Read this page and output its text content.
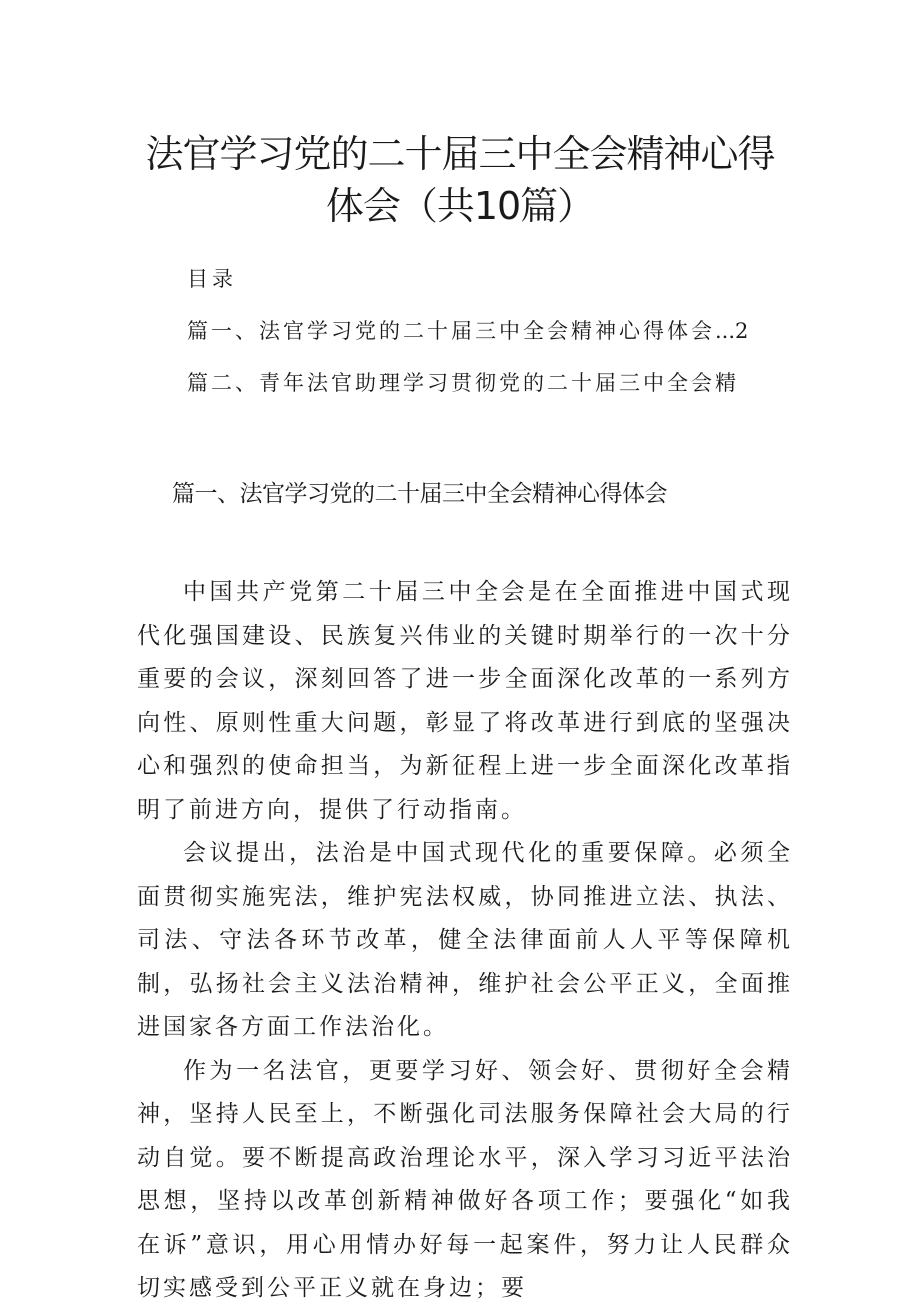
法官学习党的二十届三中全会精神心得体会（共10篇）
目录
篇一、法官学习党的二十届三中全会精神心得体会...2
篇二、青年法官助理学习贯彻党的二十届三中全会精
篇一、法官学习党的二十届三中全会精神心得体会

中国共产党第二十届三中全会是在全面推进中国式现代化强国建设、民族复兴伟业的关键时期举行的一次十分重要的会议，深刻回答了进一步全面深化改革的一系列方向性、原则性重大问题，彰显了将改革进行到底的坚强决心和强烈的使命担当，为新征程上进一步全面深化改革指明了前进方向，提供了行动指南。

会议提出，法治是中国式现代化的重要保障。必须全面贯彻实施宪法，维护宪法权威，协同推进立法、执法、司法、守法各环节改革，健全法律面前人人平等保障机制，弘扬社会主义法治精神，维护社会公平正义，全面推进国家各方面工作法治化。

作为一名法官，更要学习好、领会好、贯彻好全会精神，坚持人民至上，不断强化司法服务保障社会大局的行动自觉。要不断提高政治理论水平，深入学习习近平法治思想，坚持以改革创新精神做好各项工作；要强化“如我在诉”意识，用心用情办好每一起案件，努力让人民群众切实感受到公平正义就在身边；要
